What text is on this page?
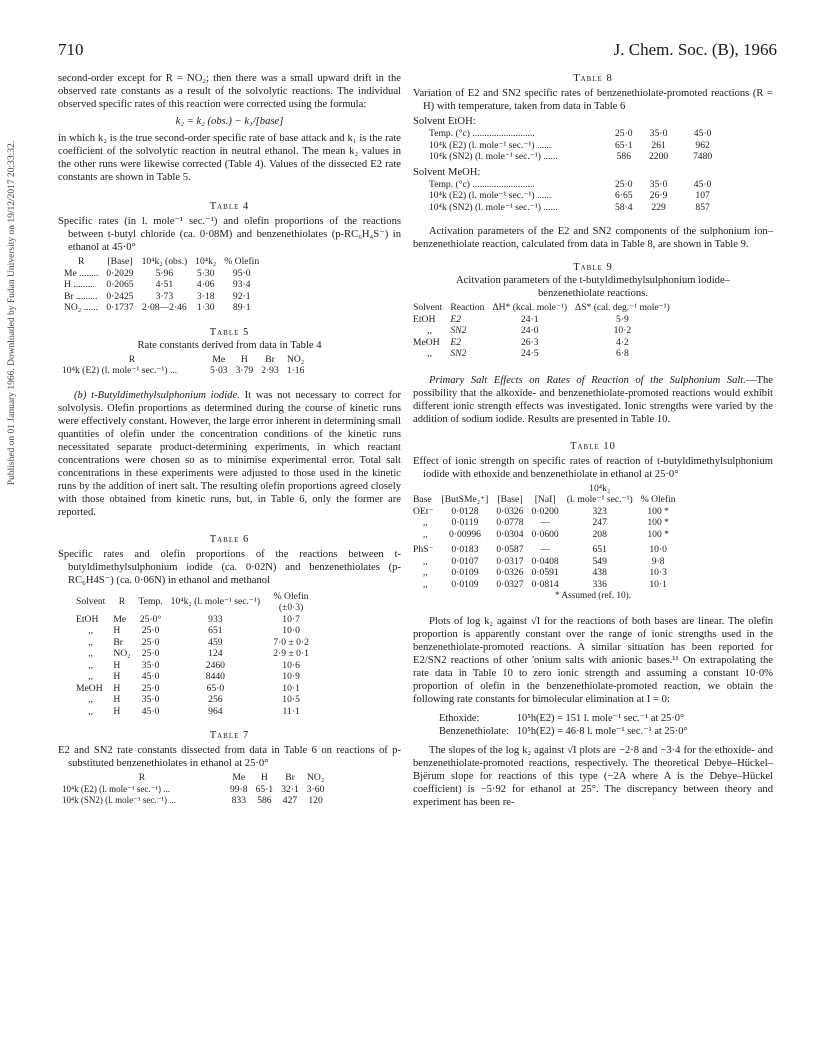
Published on 01 January 1966. Downloaded by Fudan University on 19/12/2017 20:33:32.
710	J. Chem. Soc. (B), 1966

second-order except for R = NO₂; then there was a small upward drift in the observed rate constants as a result of the solvolytic reactions. The individual observed specific rates of this reaction were corrected using the formula:

k₂ = k₂ (obs.) − k₁/[base]

in which k₂ is the true second-order specific rate of base attack and k₁ is the rate coefficient of the solvolytic reaction in neutral ethanol. The mean k₂ values in the other runs were likewise corrected (Table 4). Values of the dissected E2 rate constants are shown in Table 5.

Table 4

Specific rates (in l. mole⁻¹ sec.⁻¹) and olefin proportions of the reactions between t-butyl chloride (ca. 0·08M) and benzenethiolates (p-RC₆H₄S⁻) in ethanol at 45·0°

R	[Base]	10⁴k₂ (obs.)	10⁴k₂	% Olefin
Me ........	0·2029	5·96	5·30	95·0
H .........	0·2065	4·51	4·06	93·4
Br .........	0·2425	3·73	3·18	92·1
NO₂ ......	0·1737	2·08—2·46	1·30	89·1
Table 5

Rate constants derived from data in Table 4

R	Me	H	Br	NO₂
10⁴k (E2) (l. mole⁻¹ sec.⁻¹) ...	5·03	3·79	2·93	1·16

(b) t-Butyldimethylsulphonium iodide. It was not necessary to correct for solvolysis. Olefin proportions as determined during the course of kinetic runs were effectively constant. However, the large error inherent in determining small quantities of olefin under the concentration conditions of the kinetic runs necessitated separate product-determining experiments, in which reactant concentrations were chosen so as to minimise experimental error. Total salt concentrations in these experiments were adjusted to those used in the kinetic runs by the addition of inert salt. The resulting olefin proportions agreed closely with those obtained from kinetic runs, but, in Table 6, only the former are reported.

Table 6

Specific rates and olefin proportions of the reactions between t-butyldimethylsulphonium iodide (ca. 0·02N) and benzenethiolates (p-RC₆H4S⁻) (ca. 0·06N) in ethanol and methanol

Solvent	R	Temp.	10⁴k₂ (l. mole⁻¹ sec.⁻¹)	% Olefin (±0·3)
EtOH	Me	25·0°	933	10·7
,,	H	25·0	651	10·0
,,	Br	25·0	459	7·0 ± 0·2
,,	NO₂	25·0	124	2·9 ± 0·1
,,	H	35·0	2460	10·6
,,	H	45·0	8440	10·9
MeOH	H	25·0	65·0	10·1
,,	H	35·0	256	10·5
,,	H	45·0	964	11·1
Table 7

E2 and SN2 rate constants dissected from data in Table 6 on reactions of p-substituted benzenethiolates in ethanol at 25·0°

R	Me	H	Br	NO₂
10⁴k (E2) (l. mole⁻¹ sec.⁻¹) ...	99·8	65·1	32·1	3·60
10⁴k (SN2) (l. mole⁻¹ sec.⁻¹) ...	833	586	427	120
Table 8

Variation of E2 and SN2 specific rates of benzenethiolate-promoted reactions (R = H) with temperature, taken from data in Table 6

Solvent EtOH:
Temp. (°c) ..........................	25·0	35·0	45·0
10⁴k (E2) (l. mole⁻¹ sec.⁻¹) ......	65·1	261	962
10⁴k (SN2) (l. mole⁻¹ sec.⁻¹) ......	586	2200	7480
Solvent MeOH:
Temp. (°c) ..........................	25·0	35·0	45·0
10⁴k (E2) (l. mole⁻¹ sec.⁻¹) ......	6·65	26·9	107
10⁴k (SN2) (l. mole⁻¹ sec.⁻¹) ......	58·4	229	857

Activation parameters of the E2 and SN2 components of the sulphonium ion–benzenethiolate reaction, calculated from data in Table 8, are shown in Table 9.

Table 9

Acitvation parameters of the t-butyldimethylsulphonium iodide–benzenethiolate reactions.

Solvent	Reaction	ΔH* (kcal. mole⁻¹)	ΔS* (cal. deg.⁻¹ mole⁻¹)
EtOH	E2	24·1	5·9
,,	SN2	24·0	10·2
MeOH	E2	26·3	4·2
,,	SN2	24·5	6·8

Primary Salt Effects on Rates of Reaction of the Sulphonium Salt.—The possibility that the alkoxide- and benzenethiolate-promoted reactions would exhibit different ionic strength effects was investigated. Ionic strengths were varied by the addition of sodium iodide. Results are presented in Table 10.

Table 10

Effect of ionic strength on specific rates of reaction of t-butyldimethylsulphonium iodide with ethoxide and benzenethiolate in ethanol at 25·0°

				10⁴k₂	
Base	[ButSMe₂⁺]	[Base]	[NaI]	(l. mole⁻¹ sec.⁻¹)	% Olefin
OEt⁻	0·0128	0·0326	0·0200	323	100 *
,,	0·0119	0·0778	—	247	100 *
,,	0·00996	0·0304	0·0600	208	100 *
PhS⁻	0·0183	0·0587	—	651	10·0
,,	0·0107	0·0317	0·0408	549	9·8
,,	0·0109	0·0326	0·0591	438	10·3
,,	0·0109	0·0327	0·0814	336	10·1
* Assumed (ref. 10).

Plots of log k₂ against √I for the reactions of both bases are linear. The olefin proportion is apparently constant over the range of ionic strengths used in the benzenethiolate-promoted reactions. A similar situation has been reported for E2/SN2 reactions of other 'onium salts with anionic bases.¹¹ On extrapolating the rate data in Table 10 to zero ionic strength and assuming a constant 10·0% proportion of olefin in the benzenethiolate-promoted reaction, we obtain the following rate constants for bimolecular elimination at I = 0:

Ethoxide:	10⁵h(E2) = 151 l. mole⁻¹ sec.⁻¹ at 25·0°
Benzenethiolate:	10⁵h(E2) = 46·8 l. mole⁻¹ sec.⁻¹ at 25·0°

The slopes of the log k₂ against √I plots are −2·8 and −3·4 for the ethoxide- and benzenethiolate-promoted reactions, respectively. The theoretical Debye–Hückel–Bjërum slope for reactions of this type (−2A where A is the Debye–Hückel coefficient) is −5·92 for ethanol at 25°. The discrepancy between theory and experiment has been re-
